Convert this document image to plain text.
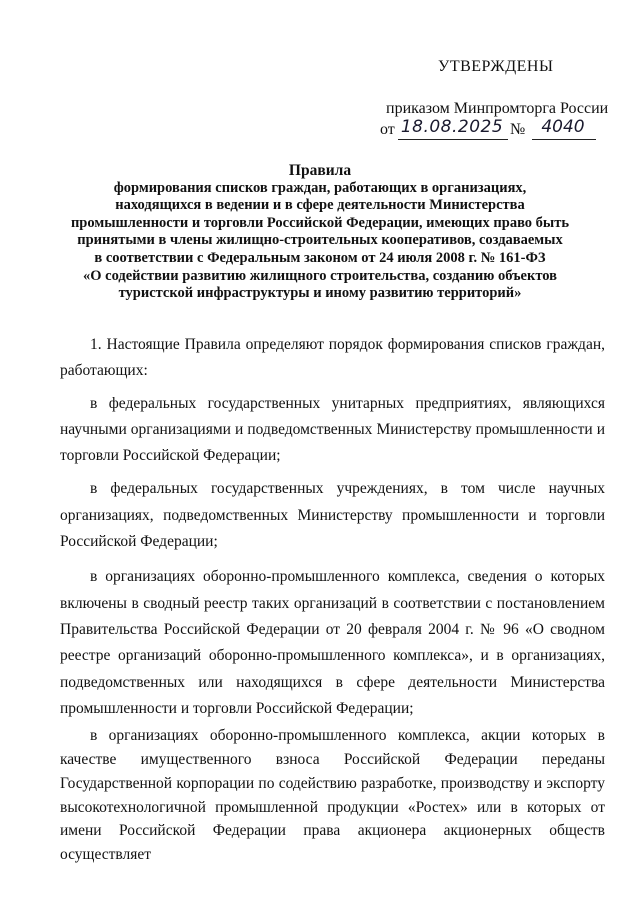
УТВЕРЖДЕНЫ
приказом Минпромторга России
от 18.08.2025 № 4040
Правила
формирования списков граждан, работающих в организациях,
находящихся в ведении и в сфере деятельности Министерства
промышленности и торговли Российской Федерации, имеющих право быть
принятыми в члены жилищно-строительных кооперативов, создаваемых
в соответствии с Федеральным законом от 24 июля 2008 г. № 161-ФЗ
«О содействии развитию жилищного строительства, созданию объектов
туристской инфраструктуры и иному развитию территорий»

1. Настоящие Правила определяют порядок формирования списков граждан, работающих:

в федеральных государственных унитарных предприятиях, являющихся научными организациями и подведомственных Министерству промышленности и торговли Российской Федерации;

в федеральных государственных учреждениях, в том числе научных организациях, подведомственных Министерству промышленности и торговли Российской Федерации;

в организациях оборонно-промышленного комплекса, сведения о которых включены в сводный реестр таких организаций в соответствии с постановлением Правительства Российской Федерации от 20 февраля 2004 г. № 96 «О сводном реестре организаций оборонно-промышленного комплекса», и в организациях, подведомственных или находящихся в сфере деятельности Министерства промышленности и торговли Российской Федерации;

в организациях оборонно-промышленного комплекса, акции которых в качестве имущественного взноса Российской Федерации переданы Государственной корпорации по содействию разработке, производству и экспорту высокотехнологичной промышленной продукции «Ростех» или в которых от имени Российской Федерации права акционера акционерных обществ осуществляет
